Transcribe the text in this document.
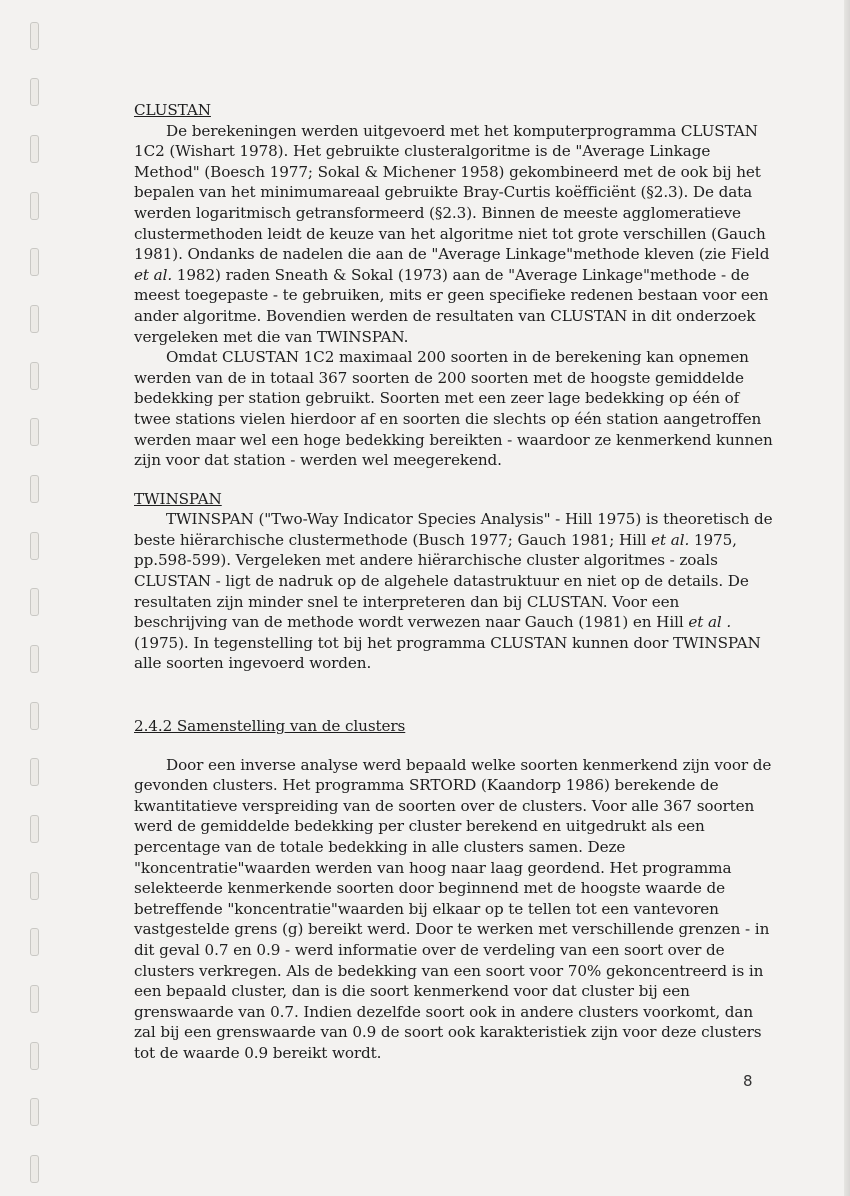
CLUSTAN

De berekeningen werden uitgevoerd met het komputerprogramma CLUSTAN 1C2 (Wishart 1978). Het gebruikte clusteralgoritme is de "Average Linkage Method" (Boesch 1977; Sokal & Michener 1958) gekombineerd met de ook bij het bepalen van het minimumareaal gebruikte Bray-Curtis koëfficiënt (§2.3). De data werden logaritmisch getransformeerd (§2.3). Binnen de meeste agglomeratieve clustermethoden leidt de keuze van het algoritme niet tot grote verschillen (Gauch 1981). Ondanks de nadelen die aan de "Average Linkage"methode kleven (zie Field et al. 1982) raden Sneath & Sokal (1973) aan de "Average Linkage"methode - de meest toegepaste - te gebruiken, mits er geen specifieke redenen bestaan voor een ander algoritme. Bovendien werden de resultaten van CLUSTAN in dit onderzoek vergeleken met die van TWINSPAN.

Omdat CLUSTAN 1C2 maximaal 200 soorten in de berekening kan opnemen werden van de in totaal 367 soorten de 200 soorten met de hoogste gemiddelde bedekking per station gebruikt. Soorten met een zeer lage bedekking op één of twee stations vielen hierdoor af en soorten die slechts op één station aangetroffen werden maar wel een hoge bedekking bereikten - waardoor ze kenmerkend kunnen zijn voor dat station - werden wel meegerekend.

TWINSPAN

TWINSPAN ("Two-Way Indicator Species Analysis" - Hill 1975) is theoretisch de beste hiërarchische clustermethode (Busch 1977; Gauch 1981; Hill et al. 1975, pp.598-599). Vergeleken met andere hiërarchische cluster algoritmes - zoals CLUSTAN - ligt de nadruk op de algehele datastruktuur en niet op de details. De resultaten zijn minder snel te interpreteren dan bij CLUSTAN. Voor een beschrijving van de methode wordt verwezen naar Gauch (1981) en Hill et al . (1975). In tegenstelling tot bij het programma CLUSTAN kunnen door TWINSPAN alle soorten ingevoerd worden.

2.4.2 Samenstelling van de clusters

Door een inverse analyse werd bepaald welke soorten kenmerkend zijn voor de gevonden clusters. Het programma SRTORD (Kaandorp 1986) berekende de kwantitatieve verspreiding van de soorten over de clusters. Voor alle 367 soorten werd de gemiddelde bedekking per cluster berekend en uitgedrukt als een percentage van de totale bedekking in alle clusters samen. Deze "koncentratie"waarden werden van hoog naar laag geordend. Het programma selekteerde kenmerkende soorten door beginnend met de hoogste waarde de betreffende "koncentratie"waarden bij elkaar op te tellen tot een vantevoren vastgestelde grens (g) bereikt werd. Door te werken met verschillende grenzen - in dit geval 0.7 en 0.9 - werd informatie over de verdeling van een soort over de clusters verkregen. Als de bedekking van een soort voor 70% gekoncentreerd is in een bepaald cluster, dan is die soort kenmerkend voor dat cluster bij een grenswaarde van 0.7. Indien dezelfde soort ook in andere clusters voorkomt, dan zal bij een grenswaarde van 0.9 de soort ook karakteristiek zijn voor deze clusters tot de waarde 0.9 bereikt wordt.

8
